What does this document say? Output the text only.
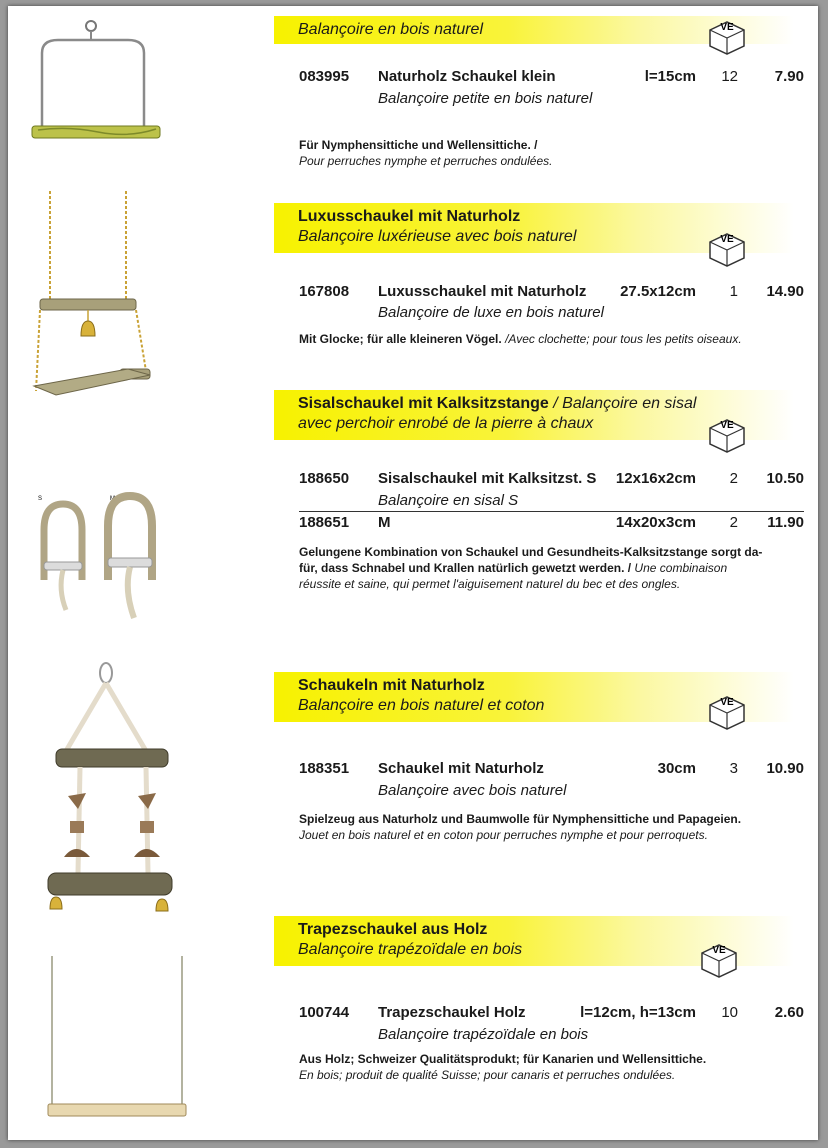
Balançoire en bois naturel	VE
083995 Naturholz Schaukel klein	l=15cm 12 7.90
Balançoire petite en bois naturel
Für Nymphensittiche und Wellensittiche. /
Pour perruches nymphe et perruches ondulées.
Luxusschaukel mit Naturholz
Balançoire luxérieuse avec bois naturel	VE
167808 Luxusschaukel mit Naturholz 27.5x12cm 1 14.90
Balançoire de luxe en bois naturel
Mit Glocke; für alle kleineren Vögel. /Avec clochette; pour tous les petits oiseaux.
S	M
Sisalschaukel mit Kalksitzstange / Balançoire en sisal
avec perchoir enrobé de la pierre à chaux	VE
188650 Sisalschaukel mit Kalksitzst. S 12x16x2cm 2 10.50
Balançoire en sisal S
188651 M	14x20x3cm 2 11.90
Gelungene Kombination von Schaukel und Gesundheits-Kalksitzstange sorgt da-
für, dass Schnabel und Krallen natürlich gewetzt werden. / Une combinaison
réussite et saine, qui permet l'aiguisement naturel du bec et des ongles.
Schaukeln mit Naturholz
Balançoire en bois naturel et coton	VE
188351 Schaukel mit Naturholz	30cm 3 10.90
Balançoire avec bois naturel
Spielzeug aus Naturholz und Baumwolle für Nymphensittiche und Papageien.
Jouet en bois naturel et en coton pour perruches nymphe et pour perroquets.
Trapezschaukel aus Holz
Balançoire trapézoïdale en bois	VE
100744 Trapezschaukel Holz	l=12cm, h=13cm 10 2.60
Balançoire trapézoïdale en bois
Aus Holz; Schweizer Qualitätsprodukt; für Kanarien und Wellensittiche.
En bois; produit de qualité Suisse; pour canaris et perruches ondulées.
